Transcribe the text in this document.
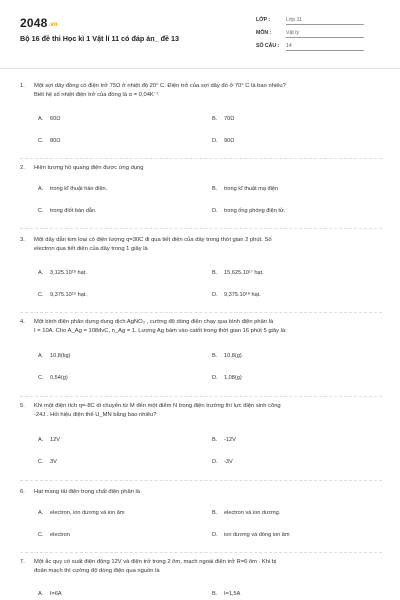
2048.vn
Bộ 16 đề thi Học kì 1 Vật lí 11 có đáp án_ đề 13
LỚP :	Lớp 11
MÔN :	Vật lý
SỐ CÂU : 14
1.	Một sợi dây đồng có điện trở 75Ω ở nhiệt độ 20° C. Điện trở của sợi dây đó ở 70° C là bao nhiêu?
Biết hệ số nhiệt điện trở của đồng là α = 0,04K⁻¹
A. 60Ω	B. 70Ω
C. 80Ω	D. 90Ω
2.	Hiện tượng hồ quang điện được ứng dụng
A. trong kĩ thuật hàn điện.	B. trong kĩ thuật mạ điện
C. trong điốt bán dẫn.	D. trong ống phóng điện tử.
3.	Một dây dẫn kim loại có điện lượng q=30C đi qua tiết diện của dây trong thời gian 2 phút. Số
electron qua tiết diện của dây trong 1 giây là
A. 3,125.10¹⁸ hạt.	B. 15,625.10¹⁷ hạt.
C. 9,375.10¹⁹ hạt.	D. 9,375.10¹⁸ hạt.
4.	Một bình điện phân dựng dung dịch AgNO₃ , cường độ dòng điện chạy qua bình điện phân là
I = 10A. Cho A_Ag = 108đvC, n_Ag = 1. Lượng Ag bám vào catốt trong thời gian 16 phút 5 giây là:
A. 10,8(kg)	B. 10,8(g)
C. 0,54(g)	D. 1,08(g)
5.	Khi một điện tích q=-8C di chuyển từ M đến một điểm N trong điện trường thì lực điện sinh công
-24J . Hỏi hiệu điện thế U_MN bằng bao nhiêu?
A. 12V	B. -12V
C. 3V	D. -3V
6.	Hạt mang tải điện trong chất điện phân là
A. electron, ion dương và ion âm	B. electron và ion dương.
C. electron	D. ion dương và dòng ion âm
7.	Một ắc quy có suất điện động 12V và điện trở trong 2 ôm, mạch ngoài điện trở R=6 ôm . Khi bị
đoản mạch thì cường độ dòng điện qua nguồn là
A. I=6A	B. I=1,5A
